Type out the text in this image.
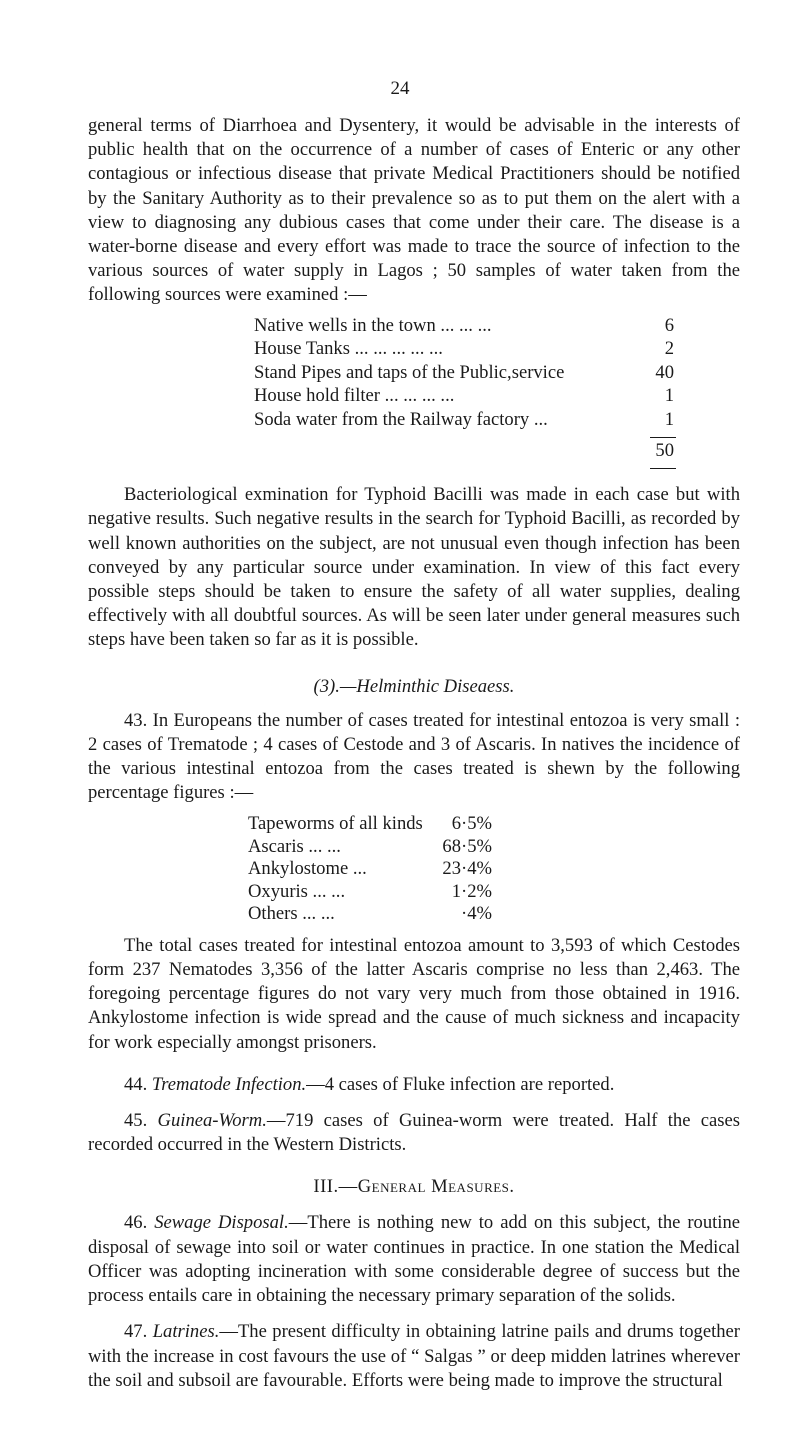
24

general terms of Diarrhoea and Dysentery, it would be advisable in the interests of public health that on the occurrence of a number of cases of Enteric or any other contagious or infectious disease that private Medical Practitioners should be notified by the Sanitary Authority as to their prevalence so as to put them on the alert with a view to diagnosing any dubious cases that come under their care. The disease is a water-borne disease and every effort was made to trace the source of infection to the various sources of water supply in Lagos ; 50 samples of water taken from the following sources were examined :—

Native wells in the town ... ... ...	6
House Tanks ... ... ... ... ...	2
Stand Pipes and taps of the Public,service	40
House hold filter ... ... ... ...	1
Soda water from the Railway factory ...	1
50

Bacteriological exmination for Typhoid Bacilli was made in each case but with negative results. Such negative results in the search for Typhoid Bacilli, as recorded by well known authorities on the subject, are not unusual even though infection has been conveyed by any particular source under examination. In view of this fact every possible steps should be taken to ensure the safety of all water supplies, dealing effectively with all doubtful sources. As will be seen later under general measures such steps have been taken so far as it is possible.

(3).—Helminthic Diseaess.

43. In Europeans the number of cases treated for intestinal entozoa is very small : 2 cases of Trematode ; 4 cases of Cestode and 3 of Ascaris. In natives the incidence of the various intestinal entozoa from the cases treated is shewn by the following percentage figures :—

Tapeworms of all kinds 6·5%
Ascaris ... ...	68·5%
Ankylostome ...	23·4%
Oxyuris ... ...	1·2%
Others ... ...	·4%

The total cases treated for intestinal entozoa amount to 3,593 of which Cestodes form 237 Nematodes 3,356 of the latter Ascaris comprise no less than 2,463. The foregoing percentage figures do not vary very much from those obtained in 1916. Ankylostome infection is wide spread and the cause of much sickness and incapacity for work especially amongst prisoners.

44. Trematode Infection.—4 cases of Fluke infection are reported.

45. Guinea-Worm.—719 cases of Guinea-worm were treated. Half the cases recorded occurred in the Western Districts.

III.—General Measures.

46. Sewage Disposal.—There is nothing new to add on this subject, the routine disposal of sewage into soil or water continues in practice. In one station the Medical Officer was adopting incineration with some considerable degree of success but the process entails care in obtaining the necessary primary separation of the solids.

47. Latrines.—The present difficulty in obtaining latrine pails and drums together with the increase in cost favours the use of “ Salgas ” or deep midden latrines wherever the soil and subsoil are favourable. Efforts were being made to improve the structural
